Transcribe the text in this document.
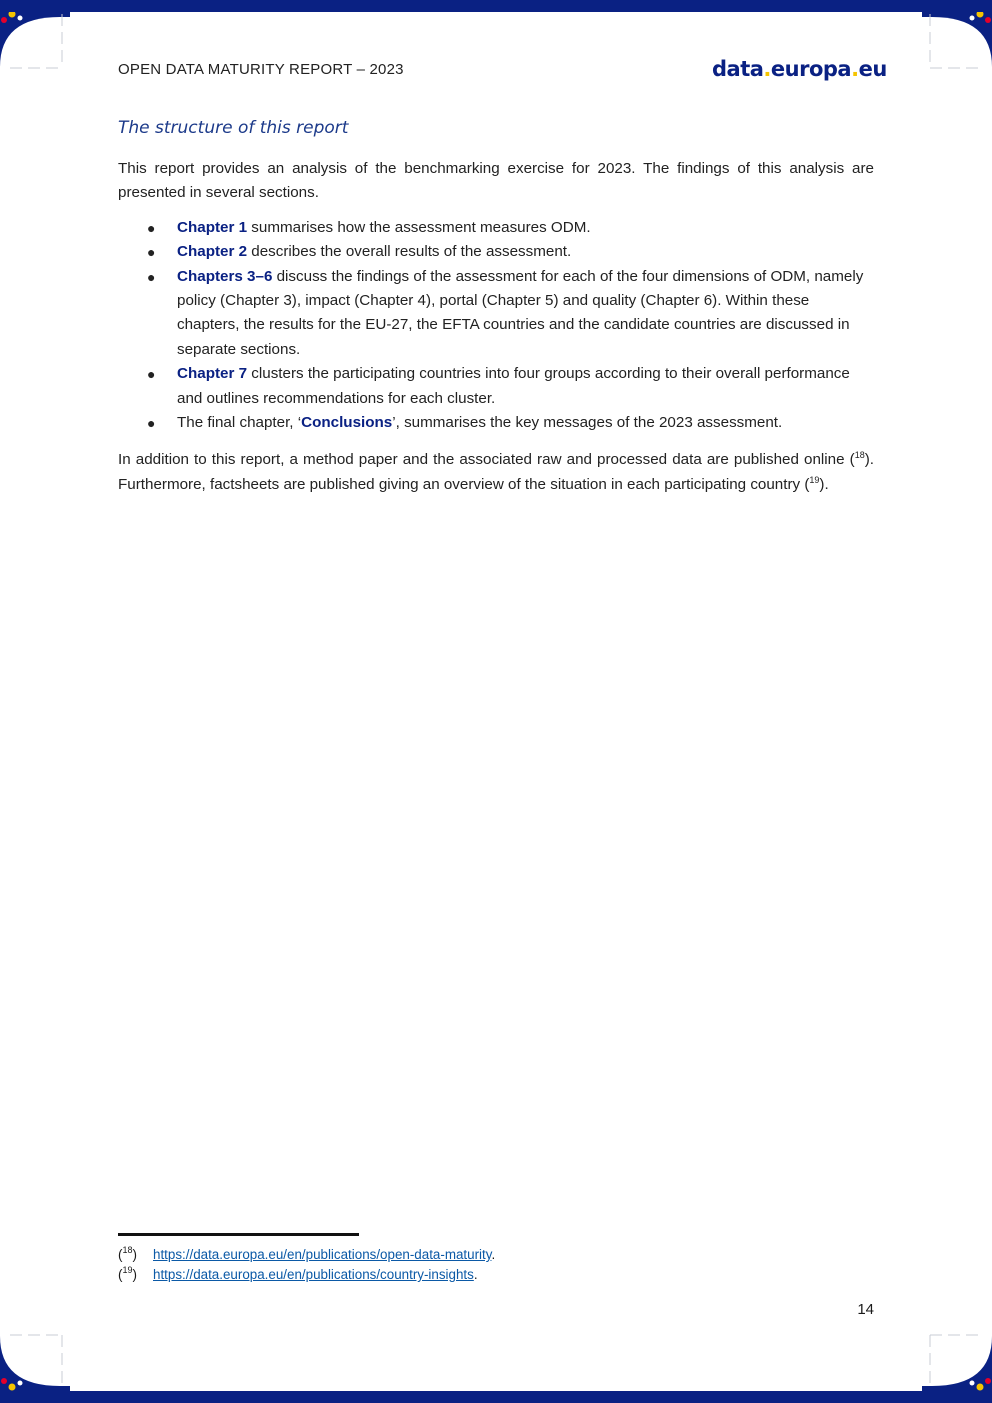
OPEN DATA MATURITY REPORT – 2023	data.europa.eu
The structure of this report

This report provides an analysis of the benchmarking exercise for 2023. The findings of this analysis are presented in several sections.

● Chapter 1 summarises how the assessment measures ODM.
● Chapter 2 describes the overall results of the assessment.
● Chapters 3–6 discuss the findings of the assessment for each of the four dimensions of ODM, namely policy (Chapter 3), impact (Chapter 4), portal (Chapter 5) and quality (Chapter 6). Within these chapters, the results for the EU-27, the EFTA countries and the candidate countries are discussed in separate sections.
● Chapter 7 clusters the participating countries into four groups according to their overall performance and outlines recommendations for each cluster.
● The final chapter, ‘Conclusions’, summarises the key messages of the 2023 assessment.

In addition to this report, a method paper and the associated raw and processed data are published online ($^{18}$). Furthermore, factsheets are published giving an overview of the situation in each participating country ($^{19}$).

($^{18}$)	https://data.europa.eu/en/publications/open-data-maturity.
($^{19}$)	https://data.europa.eu/en/publications/country-insights.
14
